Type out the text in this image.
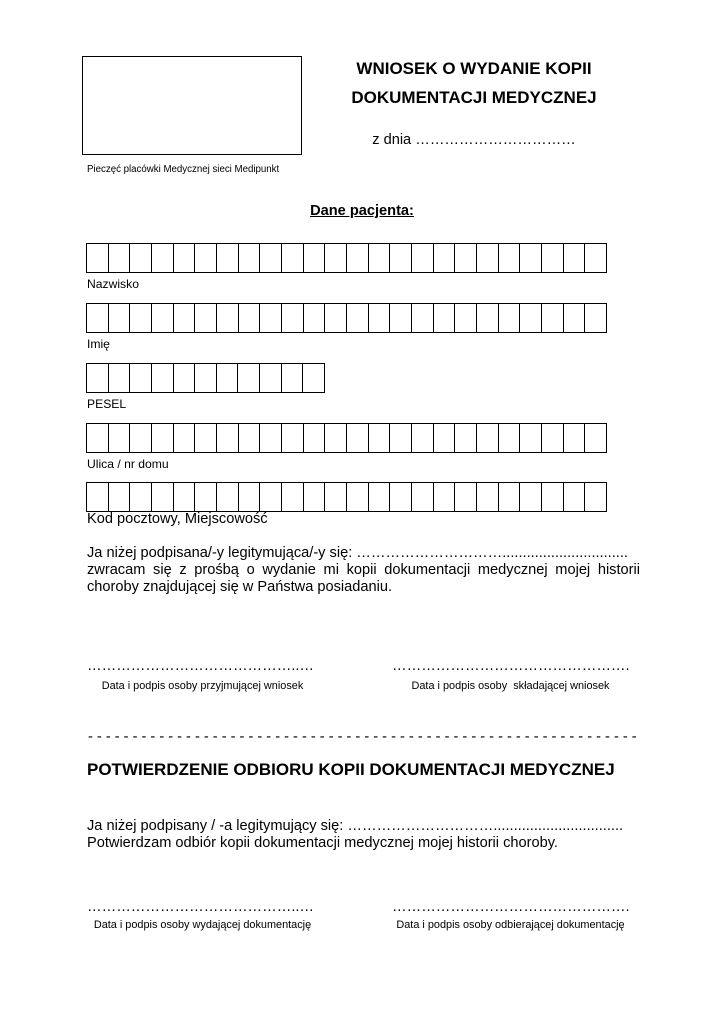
Pieczęć placówki Medycznej sieci Medipunkt
WNIOSEK O WYDANIE KOPII
DOKUMENTACJI MEDYCZNEJ
z dnia ……………………………
Dane pacjenta:
Nazwisko
Imię
PESEL
Ulica / nr domu
Kod pocztowy, Miejscowość
Ja niżej podpisana/-y legitymująca/-y się: …………………………...............................
zwracam się z prośbą o wydanie mi kopii dokumentacji medycznej mojej historii
choroby znajdującej się w Państwa posiadaniu.
……………………………………..…
Data i podpis osoby przyjmującej wniosek
………………………………………….
Data i podpis osoby  składającej wniosek
- - - - - - - - - - - - - - - - - - - - - - - - - - - - - - - - - - - - - - - - - - - - - - - - - - - - - - - - - - - - - -
POTWIERDZENIE ODBIORU KOPII DOKUMENTACJI MEDYCZNEJ
Ja niżej podpisany / -a legitymujący się: …………………………................................
Potwierdzam odbiór kopii dokumentacji medycznej mojej historii choroby.
……………………………………..…
Data i podpis osoby wydającej dokumentację
………………………………………….
Data i podpis osoby odbierającej dokumentację
